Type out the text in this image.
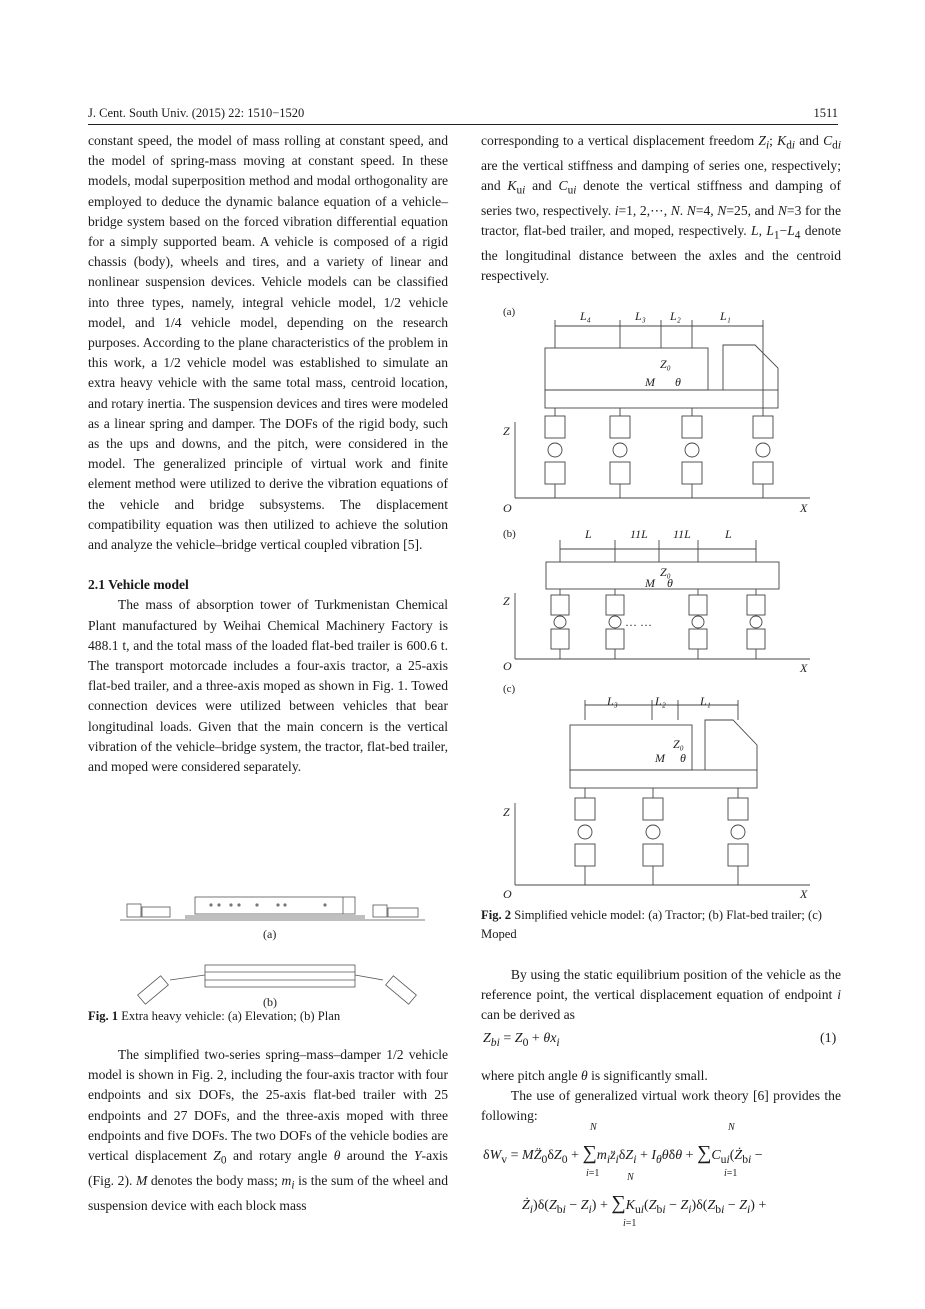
J. Cent. South Univ. (2015) 22: 1510−1520	1511

constant speed, the model of mass rolling at constant speed, and the model of spring-mass moving at constant speed. In these models, modal superposition method and modal orthogonality are employed to deduce the dynamic balance equation of a vehicle–bridge system based on the forced vibration differential equation for a simply supported beam. A vehicle is composed of a rigid chassis (body), wheels and tires, and a variety of linear and nonlinear suspension devices. Vehicle models can be classified into three types, namely, integral vehicle model, 1/2 vehicle model, and 1/4 vehicle model, depending on the research purposes. According to the plane characteristics of the problem in this work, a 1/2 vehicle model was established to simulate an extra heavy vehicle with the same total mass, centroid location, and rotary inertia. The suspension devices and tires were modeled as a linear spring and damper. The DOFs of the rigid body, such as the ups and downs, and the pitch, were considered in the model. The generalized principle of virtual work and finite element method were utilized to derive the vibration equations of the vehicle and bridge subsystems. The displacement compatibility equation was then utilized to achieve the solution and analyze the vehicle–bridge vertical coupled vibration [5].

2.1 Vehicle model

The mass of absorption tower of Turkmenistan Chemical Plant manufactured by Weihai Chemical Machinery Factory is 488.1 t, and the total mass of the loaded flat-bed trailer is 600.6 t. The transport motorcade includes a four-axis tractor, a 25-axis flat-bed trailer, and a three-axis moped as shown in Fig. 1. Towed connection devices were utilized between vehicles that bear longitudinal loads. Given that the main concern is the vertical vibration of the vehicle–bridge system, the tractor, flat-bed trailer, and moped were considered separately.

(a)
(b)
Fig. 1 Extra heavy vehicle: (a) Elevation; (b) Plan

The simplified two-series spring–mass–damper 1/2 vehicle model is shown in Fig. 2, including the four-axis tractor with four endpoints and six DOFs, the 25-axis flat-bed trailer with 25 endpoints and 27 DOFs, and the three-axis moped with three endpoints and five DOFs. The two DOFs of the vehicle bodies are vertical displacement $Z_0$ and rotary angle θ around the Y-axis (Fig. 2). M denotes the body mass; $m_i$ is the sum of the wheel and suspension device with each block mass

corresponding to a vertical displacement freedom $Z_i$; $K_{di}$ and $C_{di}$ are the vertical stiffness and damping of series one, respectively; and $K_{ui}$ and $C_{ui}$ denote the vertical stiffness and damping of series two, respectively. i=1, 2,⋯, N. N=4, N=25, and N=3 for the tractor, flat-bed trailer, and moped, respectively. L, $L_1-L_4$ denote the longitudinal distance between the axles and the centroid respectively.

(a)
(b)
(c)
L₄	L₃ L₂	L₁
Z₀
M θ
Z
O	X
L	11L 11L	L
Z₀
M θ
Z
O	X
… …
L₃	L₂	L₁
Z₀
M θ
Z
O	X
Fig. 2 Simplified vehicle model: (a) Tractor; (b) Flat-bed trailer; (c) Moped

By using the static equilibrium position of the vehicle as the reference point, the vertical displacement equation of endpoint i can be derived as

$Z_{bi} = Z_0 + \theta x_i$	(1)

where pitch angle θ is significantly small.

The use of generalized virtual work theory [6] provides the following:

$\delta W_v$ = $MZ̈_0\delta Z_0$ + $\sum m_iz̈_i\delta Z_i$ + $I_\theta\thetä\delta\theta$ + $\sum C_{ui}(Ż_{bi}$ −
N
i=1
N
i=1
$Ż_i)\delta(Z_{bi} - Z_i) + \sum K_{ui}(Z_{bi} - Z_i)\delta(Z_{bi} - Z_i)$ +
N
i=1
